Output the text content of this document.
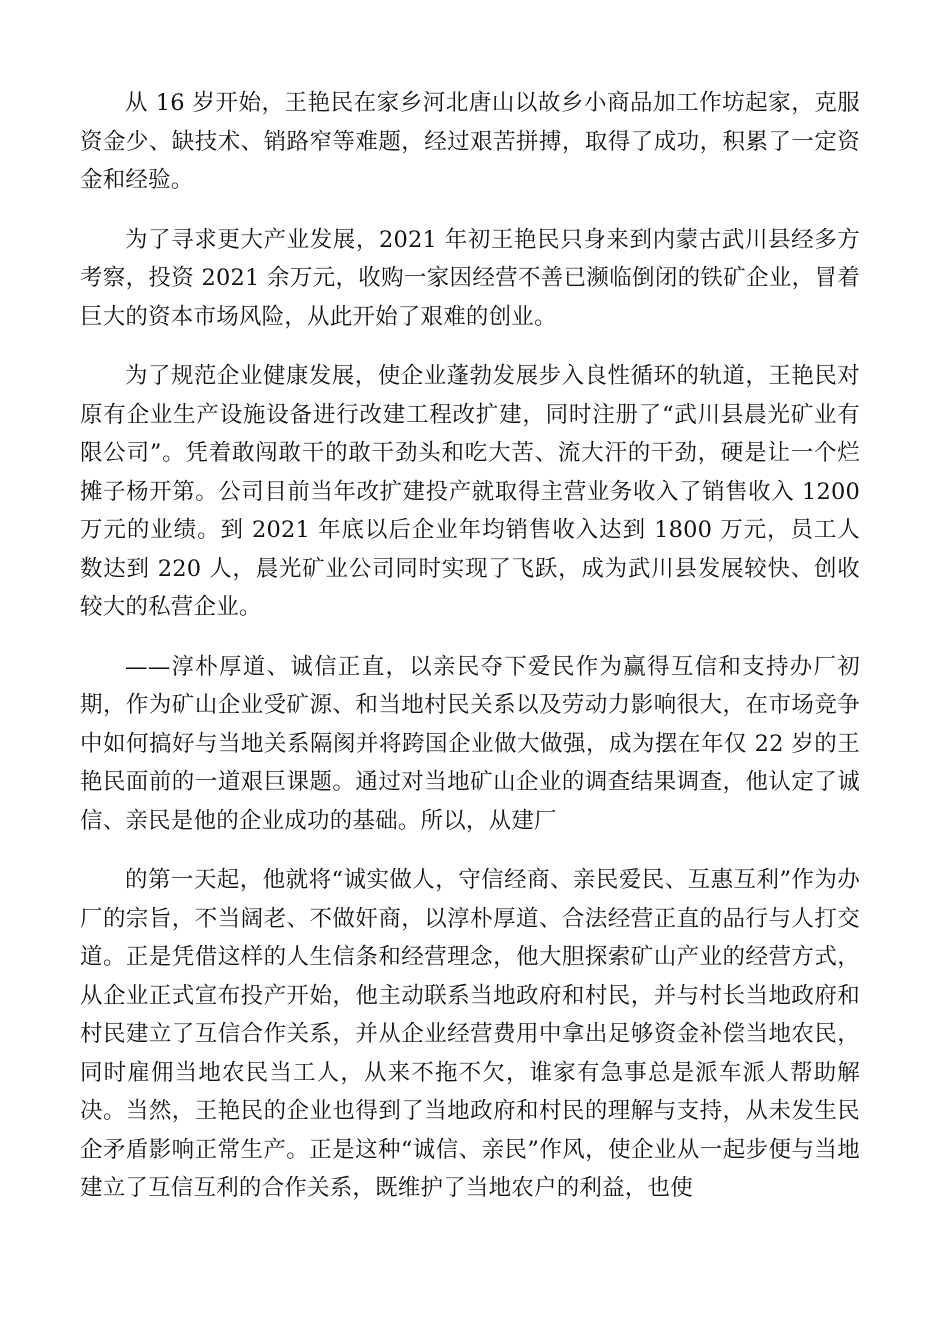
从 16 岁开始，王艳民在家乡河北唐山以故乡小商品加工作坊起家，克服资金少、缺技术、销路窄等难题，经过艰苦拼搏，取得了成功，积累了一定资金和经验。

为了寻求更大产业发展，2021 年初王艳民只身来到内蒙古武川县经多方考察，投资 2021 余万元，收购一家因经营不善已濒临倒闭的铁矿企业，冒着巨大的资本市场风险，从此开始了艰难的创业。

为了规范企业健康发展，使企业蓬勃发展步入良性循环的轨道，王艳民对原有企业生产设施设备进行改建工程改扩建，同时注册了“武川县晨光矿业有限公司”。凭着敢闯敢干的敢干劲头和吃大苦、流大汗的干劲，硬是让一个烂摊子杨开第。公司目前当年改扩建投产就取得主营业务收入了销售收入 1200 万元的业绩。到 2021 年底以后企业年均销售收入达到 1800 万元，员工人数达到 220 人，晨光矿业公司同时实现了飞跃，成为武川县发展较快、创收较大的私营企业。

——淳朴厚道、诚信正直，以亲民夺下爱民作为赢得互信和支持办厂初期，作为矿山企业受矿源、和当地村民关系以及劳动力影响很大，在市场竞争中如何搞好与当地关系隔阂并将跨国企业做大做强，成为摆在年仅 22 岁的王艳民面前的一道艰巨课题。通过对当地矿山企业的调查结果调查，他认定了诚信、亲民是他的企业成功的基础。所以，从建厂

的第一天起，他就将“诚实做人，守信经商、亲民爱民、互惠互利”作为办厂的宗旨，不当阔老、不做奸商，以淳朴厚道、合法经营正直的品行与人打交道。正是凭借这样的人生信条和经营理念，他大胆探索矿山产业的经营方式，从企业正式宣布投产开始，他主动联系当地政府和村民，并与村长当地政府和村民建立了互信合作关系，并从企业经营费用中拿出足够资金补偿当地农民，同时雇佣当地农民当工人，从来不拖不欠，谁家有急事总是派车派人帮助解决。当然，王艳民的企业也得到了当地政府和村民的理解与支持，从未发生民企矛盾影响正常生产。正是这种“诚信、亲民”作风，使企业从一起步便与当地建立了互信互利的合作关系，既维护了当地农户的利益，也使
